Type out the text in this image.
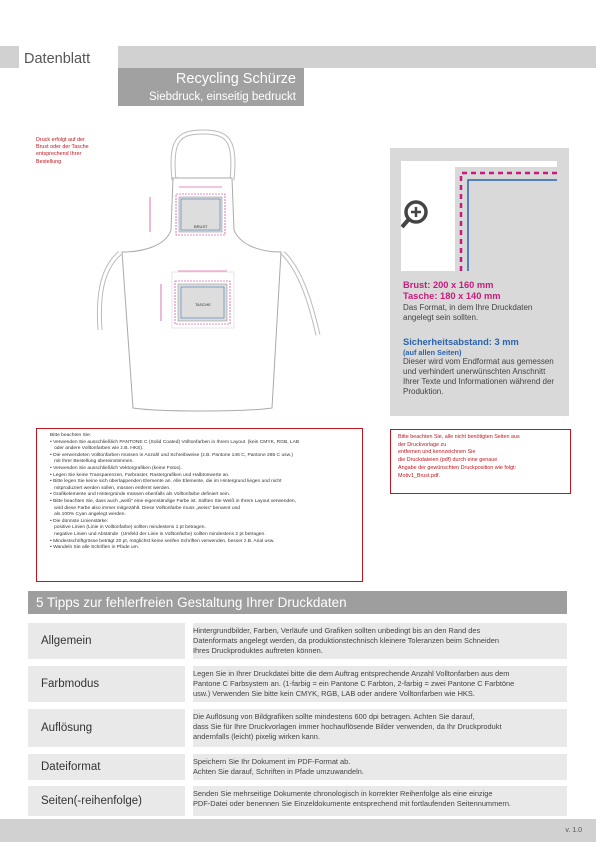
Datenblatt
Recycling Schürze
Siebdruck, einseitig bedruckt
Druck erfolgt auf der
Brust oder der Tasche
entsprechend Ihrer
Bestellung
BRUST
TASCHE
Brust: 200 x 160 mm
Tasche: 180 x 140 mm
Das Format, in dem Ihre Druckdaten angelegt sein sollten.
Sicherheitsabstand: 3 mm
(auf allen Seiten)
Dieser wird vom Endformat aus gemessen und verhindert unerwünschten Anschnitt Ihrer Texte und Informationen während der Produktion.
Bitte beachten Sie:
• Verwenden Sie ausschließlich PANTONE C (Solid Coated) Volltonfarben in Ihrem Layout  (kein CMYK, RGB, LAB
oder andere Volltonfarben wie z.B. HKS).
• Die verwendeten Volltonfarben müssen in Anzahl und Schreibweise (z.B. Pantone 146 C, Pantone 286 C usw.)
mit Ihrer Bestellung übereinstimmen.
• Verwenden Sie ausschließlich Vektorgrafiken (keine Fotos).
• Legen Sie keine Transparenzen, Farbraster, Rastergrafiken und Halbtonwerte an.
• Bitte legen Sie keine sich überlappenden Elemente an. Alle Elemente, die im Hintergrund liegen und nicht
mitproduziert werden sollen, müssen entfernt werden.
• Grafikelemente und Hintergründe müssen ebenfalls als Volltonfarbe definiert sein.
• Bitte beachten Sie, dass auch „weiß“ eine eigenständige Farbe ist. Sollten Sie Weiß in Ihrem Layout verwenden,
wird diese Farbe also immer mitgezählt. Diese Volltonfarbe muss „weiss“ benannt und
als 100% Cyan angelegt werden.
• Die dünnste Linienstärke:
positive Linien (Linie in Volltonfarbe) sollten mindestens 1 pt betragen.
negative Linien und Abstände  (Umfeld der Linie in Volltonfarbe) sollten mindestens 2 pt betragen.
• Mindestschriftgrösse beträgt 20 pt, möglichst keine serifen Schriften verwenden, besser z.B. Arial usw.
• Wandeln Sie alle Schriften in Pfade um.
Bitte beachten Sie, alle nicht benötigten Seiten aus
der Druckvorlage zu
entfernen und kennzeichnen Sie
die Druckdateien (pdf) durch eine genaue
Angabe der gewünschten Druckposition wie folgt:
Motiv1_Brust.pdf.
5 Tipps zur fehlerfreien Gestaltung Ihrer Druckdaten
Allgemein
Hintergrundbilder, Farben, Verläufe und Grafiken sollten unbedingt bis an den Rand des
Datenformats angelegt werden, da produktionstechnisch kleinere Toleranzen beim Schneiden
Ihres Druckproduktes auftreten können.
Farbmodus
Legen Sie in Ihrer Druckdatei bitte die dem Auftrag entsprechende Anzahl Volltonfarben aus dem
Pantone C Farbsystem an. (1-farbig = ein Pantone C Farbton, 2-farbig = zwei Pantone C Farbtöne
usw.) Verwenden Sie bitte kein CMYK, RGB, LAB oder andere Volltonfarben wie HKS.
Auflösung
Die Auflösung von Bildgrafiken sollte mindestens 600 dpi betragen. Achten Sie darauf,
dass Sie für Ihre Druckvorlagen immer hochauflösende Bilder verwenden, da Ihr Druckprodukt
andernfalls (leicht) pixelig wirken kann.
Dateiformat	Speichern Sie Ihr Dokument im PDF-Format ab.
Achten Sie darauf, Schriften in Pfade umzuwandeln.
Seiten(-reihenfolge)
Senden Sie mehrseitige Dokumente chronologisch in korrekter Reihenfolge als eine einzige
PDF-Datei oder benennen Sie Einzeldokumente entsprechend mit fortlaufenden Seitennummern.
v. 1.0
